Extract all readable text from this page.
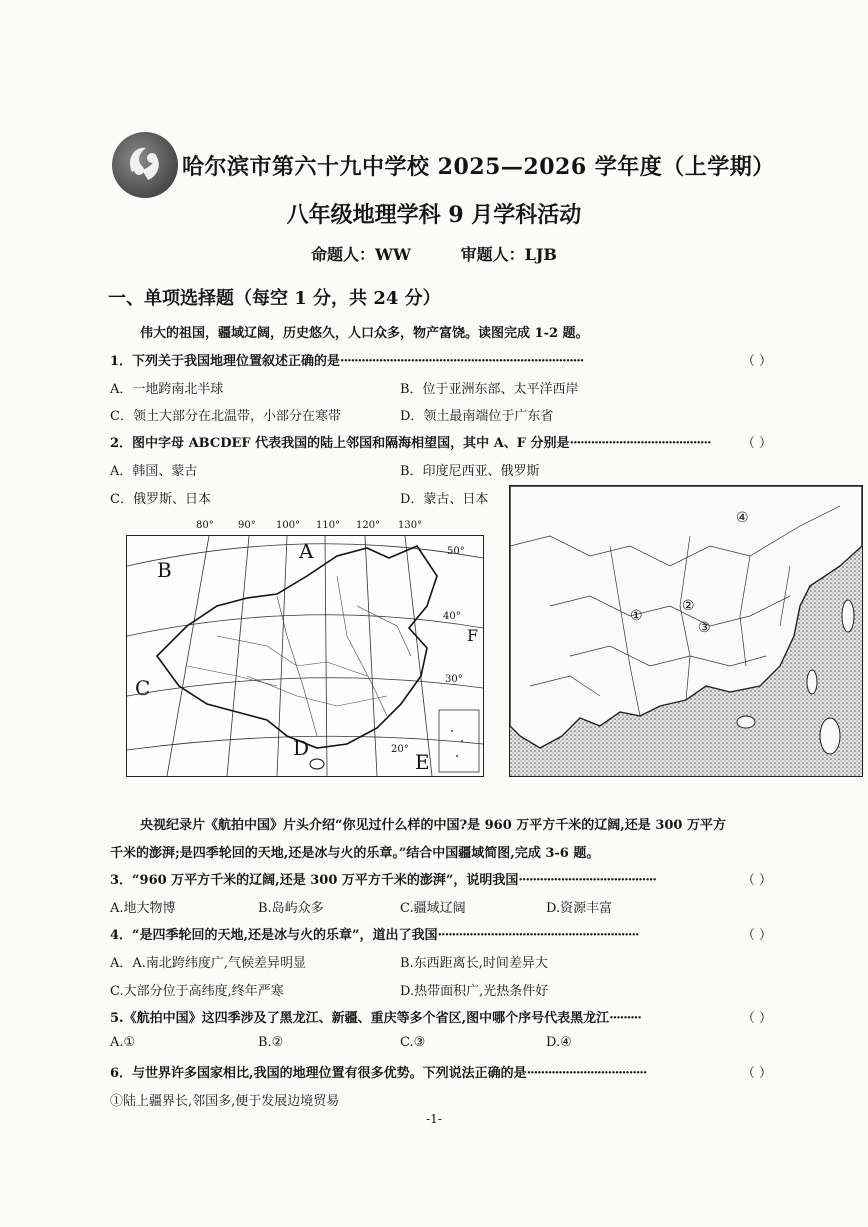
哈尔滨市第六十九中学校 2025—2026 学年度（上学期）
八年级地理学科 9 月学科活动
命题人：WW	审题人：LJB
一、单项选择题（每空 1 分，共 24 分）
伟大的祖国，疆域辽阔，历史悠久，人口众多，物产富饶。读图完成 1-2 题。
1．下列关于我国地理位置叙述正确的是·····································································	（ ）
A．一地跨南北半球	B．位于亚洲东部、太平洋西岸
C．领土大部分在北温带，小部分在寒带	D．领土最南端位于广东省
2．图中字母 ABCDEF 代表我国的陆上邻国和隔海相望国，其中 A、F 分别是········································ （ ）
A．韩国、蒙古	B．印度尼西亚、俄罗斯
C．俄罗斯、日本	D．蒙古、日本
80° 90° 100° 110° 120° 130°
A
B
C
D
E
F
50°
40°
30°
20°
④
①
②
③
央视纪录片《航拍中国》片头介绍“你见过什么样的中国?是 960 万平方千米的辽阔,还是 300 万平方
千米的澎湃;是四季轮回的天地,还是冰与火的乐章。”结合中国疆域简图,完成 3-6 题。
3．“960 万平方千米的辽阔,还是 300 万平方千米的澎湃”，说明我国·······································	（ ）
A.地大物博	B.岛屿众多	C.疆域辽阔	D.资源丰富
4．“是四季轮回的天地,还是冰与火的乐章”，道出了我国·························································	（ ）
A．A.南北跨纬度广,气候差异明显	B.东西距离长,时间差异大
C.大部分位于高纬度,终年严寒	D.热带面积广,光热条件好
5.《航拍中国》这四季涉及了黑龙江、新疆、重庆等多个省区,图中哪个序号代表黑龙江·········	（ ）
A.①	B.②	C.③	D.④
6．与世界许多国家相比,我国的地理位置有很多优势。下列说法正确的是··································	（ ）
①陆上疆界长,邻国多,便于发展边境贸易
-1-
